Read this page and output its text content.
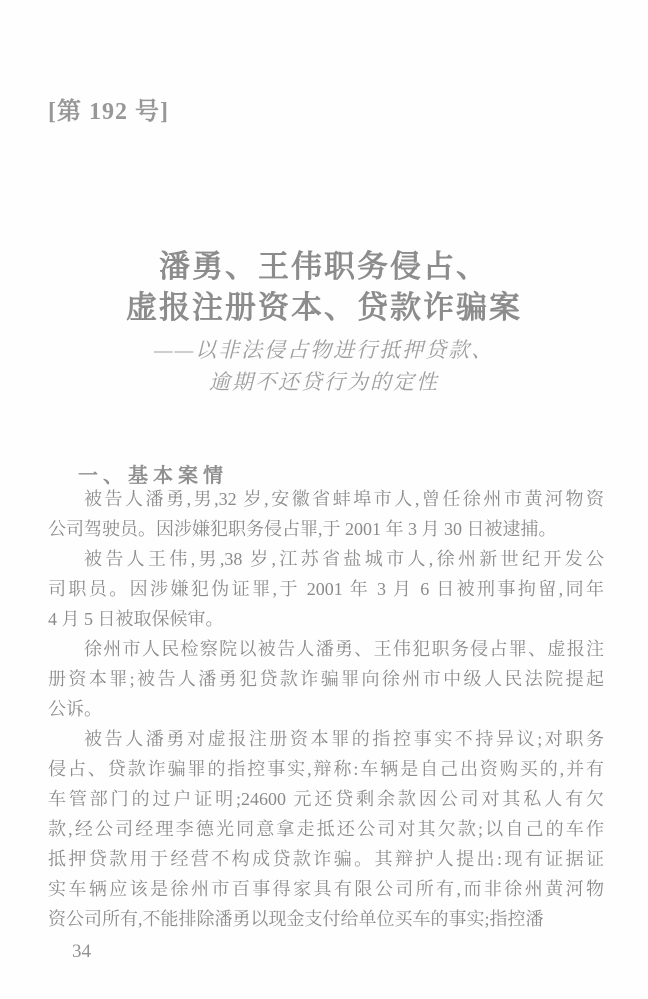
[第 192 号]
潘勇、王伟职务侵占、
虚报注册资本、贷款诈骗案
——以非法侵占物进行抵押贷款、
逾期不还贷行为的定性
一、基本案情
被告人潘勇,男,32 岁,安徽省蚌埠市人,曾任徐州市黄河物资
公司驾驶员。因涉嫌犯职务侵占罪,于 2001 年 3 月 30 日被逮捕。
被告人王伟,男,38 岁,江苏省盐城市人,徐州新世纪开发公
司职员。因涉嫌犯伪证罪,于 2001 年 3 月 6 日被刑事拘留,同年
4 月 5 日被取保候审。
徐州市人民检察院以被告人潘勇、王伟犯职务侵占罪、虚报注
册资本罪;被告人潘勇犯贷款诈骗罪向徐州市中级人民法院提起
公诉。
被告人潘勇对虚报注册资本罪的指控事实不持异议;对职务
侵占、贷款诈骗罪的指控事实,辩称:车辆是自己出资购买的,并有
车管部门的过户证明;24600 元还贷剩余款因公司对其私人有欠
款,经公司经理李德光同意拿走抵还公司对其欠款;以自己的车作
抵押贷款用于经营不构成贷款诈骗。其辩护人提出:现有证据证
实车辆应该是徐州市百事得家具有限公司所有,而非徐州黄河物
资公司所有,不能排除潘勇以现金支付给单位买车的事实;指控潘
34
